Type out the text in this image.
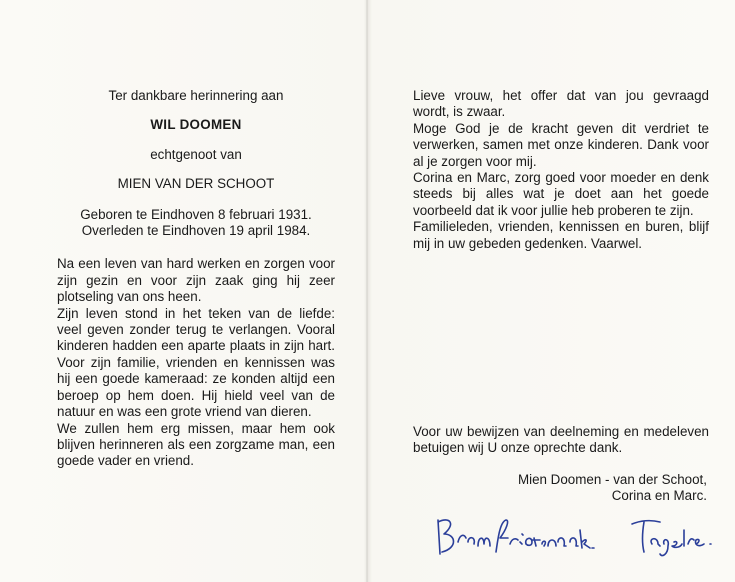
Ter dankbare herinnering aan
WIL DOOMEN
echtgenoot van
MIEN VAN DER SCHOOT
Geboren te Eindhoven 8 februari 1931.
Overleden te Eindhoven 19 april 1984.

Na een leven van hard werken en zorgen voor zijn gezin en voor zijn zaak ging hij zeer plotseling van ons heen.

Zijn leven stond in het teken van de liefde: veel geven zonder terug te verlangen. Vooral kinderen hadden een aparte plaats in zijn hart. Voor zijn familie, vrienden en kennissen was hij een goede kameraad: ze konden altijd een beroep op hem doen. Hij hield veel van de natuur en was een grote vriend van dieren.

We zullen hem erg missen, maar hem ook blijven herinneren als een zorgzame man, een goede vader en vriend.

Lieve vrouw, het offer dat van jou gevraagd wordt, is zwaar.

Moge God je de kracht geven dit verdriet te verwerken, samen met onze kinderen. Dank voor al je zorgen voor mij.

Corina en Marc, zorg goed voor moeder en denk steeds bij alles wat je doet aan het goede voorbeeld dat ik voor jullie heb proberen te zijn.

Familieleden, vrienden, kennissen en buren, blijf mij in uw gebeden gedenken. Vaarwel.

Voor uw bewijzen van deelneming en medeleven betuigen wij U onze oprechte dank.

Mien Doomen - van der Schoot,
Corina en Marc.
